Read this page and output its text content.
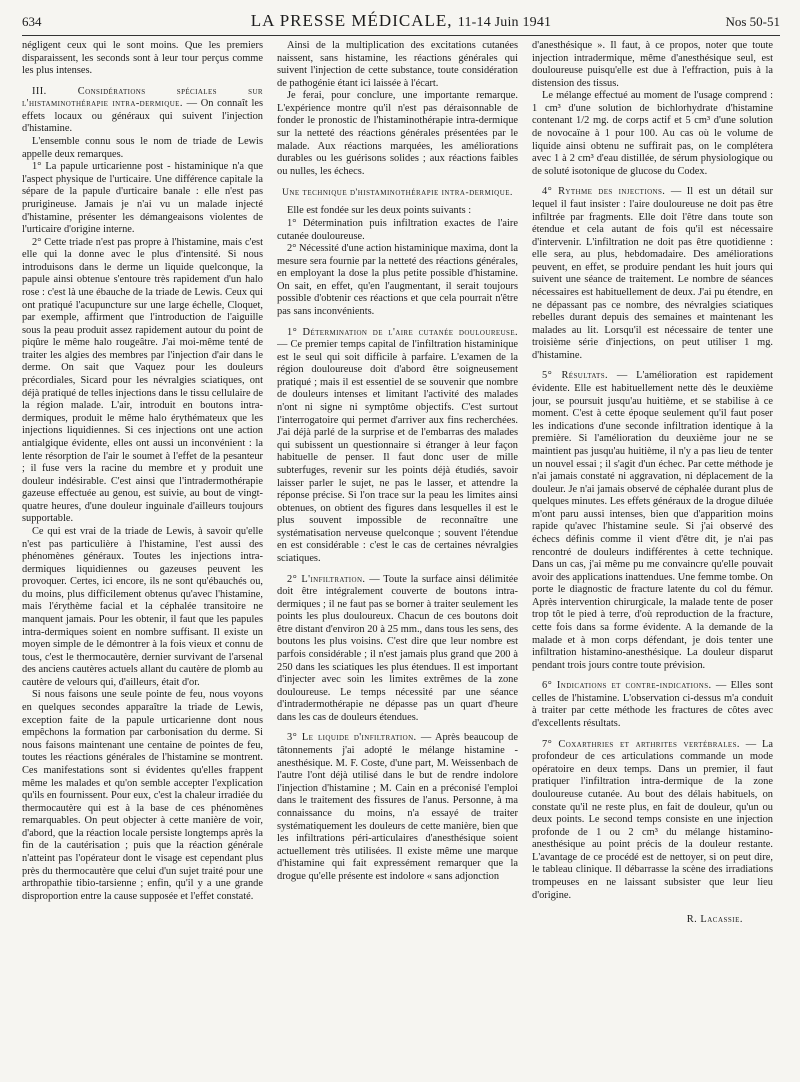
634	LA PRESSE MÉDICALE, 11-14 Juin 1941	Nos 50-51

négligent ceux qui le sont moins. Que les premiers disparaissent, les seconds sont à leur tour perçus comme les plus intenses.

III. Considérations spéciales sur l'histaminothérapie intra-dermique. — On connaît les effets locaux ou généraux qui suivent l'injection d'histamine.

L'ensemble connu sous le nom de triade de Lewis appelle deux remarques.

1° La papule urticarienne post - histaminique n'a que l'aspect physique de l'urticaire. Une différence capitale la sépare de la papule d'urticaire banale : elle n'est pas prurigineuse. Jamais je n'ai vu un malade injecté d'histamine, présenter les démangeaisons violentes de l'urticaire d'origine interne.

2° Cette triade n'est pas propre à l'histamine, mais c'est elle qui la donne avec le plus d'intensité. Si nous introduisons dans le derme un liquide quelconque, la papule ainsi obtenue s'entoure très rapidement d'un halo rose : c'est là une ébauche de la triade de Lewis. Ceux qui ont pratiqué l'acupuncture sur une large échelle, Cloquet, par exemple, affirment que l'introduction de l'aiguille sous la peau produit assez rapidement autour du point de piqûre le même halo rougeâtre. J'ai moi-même tenté de traiter les algies des membres par l'injection d'air dans le derme. On sait que Vaquez pour les douleurs précordiales, Sicard pour les névralgies sciatiques, ont déjà pratiqué de telles injections dans le tissu cellulaire de la région malade. L'air, introduit en boutons intra-dermiques, produit le même halo érythémateux que les injections liquidiennes. Si ces injections ont une action antialgique évidente, elles ont aussi un inconvénient : la lente résorption de l'air le soumet à l'effet de la pesanteur ; il fuse vers la racine du membre et y produit une douleur indésirable. C'est ainsi que l'intradermothérapie gazeuse effectuée au genou, est suivie, au bout de vingt-quatre heures, d'une douleur inguinale d'ailleurs toujours supportable.

Ce qui est vrai de la triade de Lewis, à savoir qu'elle n'est pas particulière à l'histamine, l'est aussi des phénomènes généraux. Toutes les injections intra-dermiques liquidiennes ou gazeuses peuvent les provoquer. Certes, ici encore, ils ne sont qu'ébauchés ou, du moins, plus difficilement obtenus qu'avec l'histamine, mais l'érythème facial et la céphalée transitoire ne manquent jamais. Pour les obtenir, il faut que les papules intra-dermiques soient en nombre suffisant. Il existe un moyen simple de le démontrer à la fois vieux et connu de tous, c'est le thermocautère, dernier survivant de l'arsenal des anciens cautères actuels allant du cautère de plomb au cautère de velours qui, d'ailleurs, était d'or.

Si nous faisons une seule pointe de feu, nous voyons en quelques secondes apparaître la triade de Lewis, exception faite de la papule urticarienne dont nous empêchons la formation par carbonisation du derme. Si nous faisons maintenant une centaine de pointes de feu, toutes les réactions générales de l'histamine se montrent. Ces manifestations sont si évidentes qu'elles frappent même les malades et qu'on semble accepter l'explication qu'ils en fournissent. Pour eux, c'est la chaleur irradiée du thermocautère qui est à la base de ces phénomènes remarquables. On peut objecter à cette manière de voir, d'abord, que la réaction locale persiste longtemps après la fin de la cautérisation ; puis que la réaction générale n'atteint pas l'opérateur dont le visage est cependant plus près du thermocautère que celui d'un sujet traité pour une arthropathie tibio-tarsienne ; enfin, qu'il y a une grande disproportion entre la cause supposée et l'effet constaté.

Ainsi de la multiplication des excitations cutanées naissent, sans histamine, les réactions générales qui suivent l'injection de cette substance, toute considération de pathogénie étant ici laissée à l'écart.

Je ferai, pour conclure, une importante remarque. L'expérience montre qu'il n'est pas déraisonnable de fonder le pronostic de l'histaminothérapie intra-dermique sur la netteté des réactions générales présentées par le malade. Aux réactions marquées, les améliorations durables ou les guérisons solides ; aux réactions faibles ou nulles, les échecs.

Une technique d'histaminothérapie intra-dermique.

Elle est fondée sur les deux points suivants :

1° Détermination puis infiltration exactes de l'aire cutanée douloureuse.

2° Nécessité d'une action histaminique maxima, dont la mesure sera fournie par la netteté des réactions générales, en employant la dose la plus petite possible d'histamine. On sait, en effet, qu'en l'augmentant, il serait toujours possible d'obtenir ces réactions et que cela pourrait n'être pas sans inconvénients.

1° Détermination de l'aire cutanée douloureuse. — Ce premier temps capital de l'infiltration histaminique est le seul qui soit difficile à parfaire. L'examen de la région douloureuse doit d'abord être soigneusement pratiqué ; mais il est essentiel de se souvenir que nombre de douleurs intenses et limitant l'activité des malades n'ont ni signe ni symptôme objectifs. C'est surtout l'interrogatoire qui permet d'arriver aux fins recherchées. J'ai déjà parlé de la surprise et de l'embarras des malades qui subissent un questionnaire si étranger à leur façon habituelle de penser. Il faut donc user de mille subterfuges, revenir sur les points déjà étudiés, savoir laisser parler le sujet, ne pas le lasser, et attendre la réponse précise. Si l'on trace sur la peau les limites ainsi obtenues, on obtient des figures dans lesquelles il est le plus souvent impossible de reconnaître une systématisation nerveuse quelconque ; souvent l'étendue en est considérable : c'est le cas de certaines névralgies sciatiques.

2° L'infiltration. — Toute la surface ainsi délimitée doit être intégralement couverte de boutons intra-dermiques ; il ne faut pas se borner à traiter seulement les points les plus douloureux. Chacun de ces boutons doit être distant d'environ 20 à 25 mm., dans tous les sens, des boutons les plus voisins. C'est dire que leur nombre est parfois considérable ; il n'est jamais plus grand que 200 à 250 dans les sciatiques les plus étendues. Il est important d'injecter avec soin les limites extrêmes de la zone douloureuse. Le temps nécessité par une séance d'intradermothérapie ne dépasse pas un quart d'heure dans les cas de douleurs étendues.

3° Le liquide d'infiltration. — Après beaucoup de tâtonnements j'ai adopté le mélange histamine - anesthésique. M. F. Coste, d'une part, M. Weissenbach de l'autre l'ont déjà utilisé dans le but de rendre indolore l'injection d'histamine ; M. Cain en a préconisé l'emploi dans le traitement des fissures de l'anus. Personne, à ma connaissance du moins, n'a essayé de traiter systématiquement les douleurs de cette manière, bien que les infiltrations péri-articulaires d'anesthésique soient actuellement très utilisées. Il existe même une marque d'histamine qui fait expressément remarquer que la drogue qu'elle présente est indolore « sans adjonction

d'anesthésique ». Il faut, à ce propos, noter que toute injection intradermique, même d'anesthésique seul, est douloureuse puisqu'elle est due à l'effraction, puis à la distension des tissus.

Le mélange effectué au moment de l'usage comprend : 1 cm³ d'une solution de bichlorhydrate d'histamine contenant 1/2 mg. de corps actif et 5 cm³ d'une solution de novocaïne à 1 pour 100. Au cas où le volume de liquide ainsi obtenu ne suffirait pas, on le complétera avec 1 à 2 cm³ d'eau distillée, de sérum physiologique ou de soluté isotonique de glucose du Codex.

4° Rythme des injections. — Il est un détail sur lequel il faut insister : l'aire douloureuse ne doit pas être infiltrée par fragments. Elle doit l'être dans toute son étendue et cela autant de fois qu'il est nécessaire d'intervenir. L'infiltration ne doit pas être quotidienne : elle sera, au plus, hebdomadaire. Des améliorations peuvent, en effet, se produire pendant les huit jours qui suivent une séance de traitement. Le nombre de séances nécessaires est habituellement de deux. J'ai pu étendre, en ne dépassant pas ce nombre, des névralgies sciatiques rebelles durant depuis des semaines et maintenant les malades au lit. Lorsqu'il est nécessaire de tenter une troisième série d'injections, on peut utiliser 1 mg. d'histamine.

5° Résultats. — L'amélioration est rapidement évidente. Elle est habituellement nette dès le deuxième jour, se poursuit jusqu'au huitième, et se stabilise à ce moment. C'est à cette époque seulement qu'il faut poser les indications d'une seconde infiltration identique à la première. Si l'amélioration du deuxième jour ne se maintient pas jusqu'au huitième, il n'y a pas lieu de tenter un nouvel essai ; il s'agit d'un échec. Par cette méthode je n'ai jamais constaté ni aggravation, ni déplacement de la douleur. Je n'ai jamais observé de céphalée durant plus de quelques minutes. Les effets généraux de la drogue diluée m'ont paru aussi intenses, bien que d'apparition moins rapide qu'avec l'histamine seule. Si j'ai observé des échecs définis comme il vient d'être dit, je n'ai pas rencontré de douleurs indifférentes à cette technique. Dans un cas, j'ai même pu me convaincre qu'elle pouvait avoir des applications inattendues. Une femme tombe. On porte le diagnostic de fracture latente du col du fémur. Après intervention chirurgicale, la malade tente de poser trop tôt le pied à terre, d'où reproduction de la fracture, cette fois dans sa forme évidente. A la demande de la malade et à mon corps défendant, je dois tenter une infiltration histamino-anesthésique. La douleur disparut pendant trois jours contre toute prévision.

6° Indications et contre-indications. — Elles sont celles de l'histamine. L'observation ci-dessus m'a conduit à traiter par cette méthode les fractures de côtes avec d'excellents résultats.

7° Coxarthries et arthrites vertébrales. — La profondeur de ces articulations commande un mode opératoire en deux temps. Dans un premier, il faut pratiquer l'infiltration intra-dermique de la zone douloureuse cutanée. Au bout des délais habituels, on constate qu'il ne reste plus, en fait de douleur, qu'un ou deux points. Le second temps consiste en une injection profonde de 1 ou 2 cm³ du mélange histamino-anesthésique au point précis de la douleur restante. L'avantage de ce procédé est de nettoyer, si on peut dire, le tableau clinique. Il débarrasse la scène des irradiations trompeuses en ne laissant subsister que leur lieu d'origine.

R. Lacassie.
